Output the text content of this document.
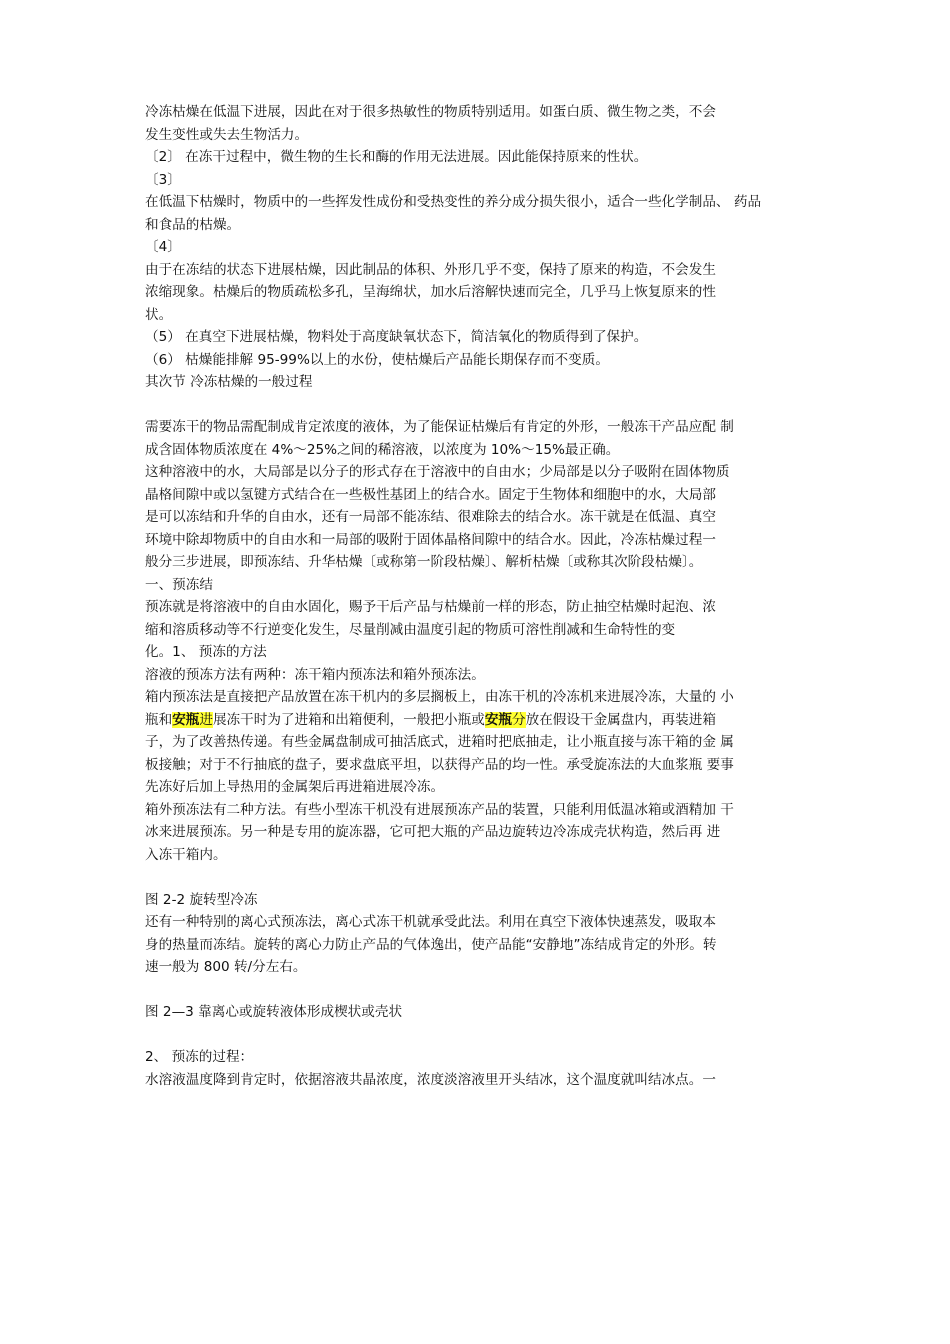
冷冻枯燥在低温下进展，因此在对于很多热敏性的物质特别适用。如蛋白质、微生物之类，不会
发生变性或失去生物活力。
〔2〕 在冻干过程中，微生物的生长和酶的作用无法进展。因此能保持原来的性状。
〔3〕
在低温下枯燥时，物质中的一些挥发性成份和受热变性的养分成分损失很小，适合一些化学制品、 药品
和食品的枯燥。
〔4〕
由于在冻结的状态下进展枯燥，因此制品的体积、外形几乎不变，保持了原来的构造，不会发生
浓缩现象。枯燥后的物质疏松多孔，呈海绵状，加水后溶解快速而完全，几乎马上恢复原来的性
状。
（5） 在真空下进展枯燥，物料处于高度缺氧状态下，简洁氧化的物质得到了保护。
（6） 枯燥能排解 95-99%以上的水份，使枯燥后产品能长期保存而不变质。
其次节 冷冻枯燥的一般过程
需要冻干的物品需配制成肯定浓度的液体，为了能保证枯燥后有肯定的外形，一般冻干产品应配 制
成含固体物质浓度在 4%～25%之间的稀溶液，以浓度为 10%～15%最正确。
这种溶液中的水，大局部是以分子的形式存在于溶液中的自由水；少局部是以分子吸附在固体物质
晶格间隙中或以氢键方式结合在一些极性基团上的结合水。固定于生物体和细胞中的水，大局部
是可以冻结和升华的自由水，还有一局部不能冻结、很难除去的结合水。冻干就是在低温、真空
环境中除却物质中的自由水和一局部的吸附于固体晶格间隙中的结合水。因此，冷冻枯燥过程一
般分三步进展，即预冻结、升华枯燥〔或称第一阶段枯燥〕、解析枯燥〔或称其次阶段枯燥〕。
一、预冻结
预冻就是将溶液中的自由水固化，赐予干后产品与枯燥前一样的形态，防止抽空枯燥时起泡、浓
缩和溶质移动等不行逆变化发生，尽量削减由温度引起的物质可溶性削减和生命特性的变
化。1、 预冻的方法
溶液的预冻方法有两种：冻干箱内预冻法和箱外预冻法。
箱内预冻法是直接把产品放置在冻干机内的多层搁板上，由冻干机的冷冻机来进展冷冻，大量的 小
瓶和安瓶进展冻干时为了进箱和出箱便利，一般把小瓶或安瓶分放在假设干金属盘内，再装进箱
子，为了改善热传递。有些金属盘制成可抽活底式，进箱时把底抽走，让小瓶直接与冻干箱的金 属
板接触；对于不行抽底的盘子，要求盘底平坦，以获得产品的均一性。承受旋冻法的大血浆瓶 要事
先冻好后加上导热用的金属架后再进箱进展冷冻。
箱外预冻法有二种方法。有些小型冻干机没有进展预冻产品的装置，只能利用低温冰箱或酒精加 干
冰来进展预冻。另一种是专用的旋冻器，它可把大瓶的产品边旋转边冷冻成壳状构造，然后再 进
入冻干箱内。
图 2-2 旋转型冷冻
还有一种特别的离心式预冻法，离心式冻干机就承受此法。利用在真空下液体快速蒸发，吸取本
身的热量而冻结。旋转的离心力防止产品的气体逸出，使产品能“安静地”冻结成肯定的外形。转
速一般为 800 转/分左右。
图 2—3 靠离心或旋转液体形成楔状或壳状
2、 预冻的过程：
水溶液温度降到肯定时，依据溶液共晶浓度，浓度淡溶液里开头结冰，这个温度就叫结冰点。一
